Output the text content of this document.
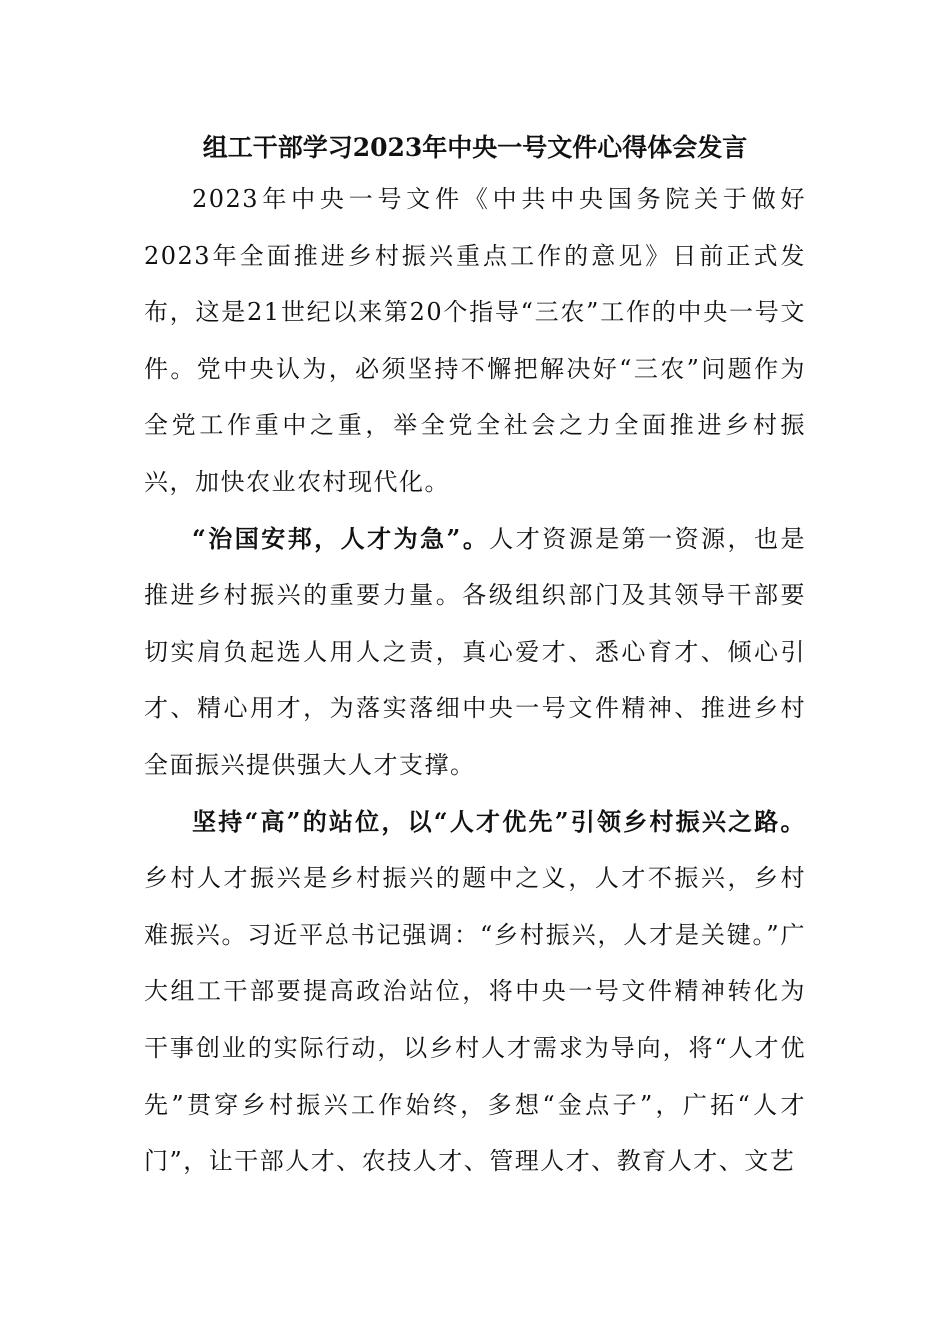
组工干部学习2023年中央一号文件心得体会发言

2023年中央一号文件《中共中央国务院关于做好2023年全面推进乡村振兴重点工作的意见》日前正式发布，这是21世纪以来第20个指导“三农”工作的中央一号文件。党中央认为，必须坚持不懈把解决好“三农”问题作为全党工作重中之重，举全党全社会之力全面推进乡村振兴，加快农业农村现代化。

“治国安邦，人才为急”。人才资源是第一资源，也是推进乡村振兴的重要力量。各级组织部门及其领导干部要切实肩负起选人用人之责，真心爱才、悉心育才、倾心引才、精心用才，为落实落细中央一号文件精神、推进乡村全面振兴提供强大人才支撑。

坚持“高”的站位，以“人才优先”引领乡村振兴之路。乡村人才振兴是乡村振兴的题中之义，人才不振兴，乡村难振兴。习近平总书记强调：“乡村振兴，人才是关键。”广大组工干部要提高政治站位，将中央一号文件精神转化为干事创业的实际行动，以乡村人才需求为导向，将“人才优先”贯穿乡村振兴工作始终，多想“金点子”，广拓“人才门”，让干部人才、农技人才、管理人才、教育人才、文艺
